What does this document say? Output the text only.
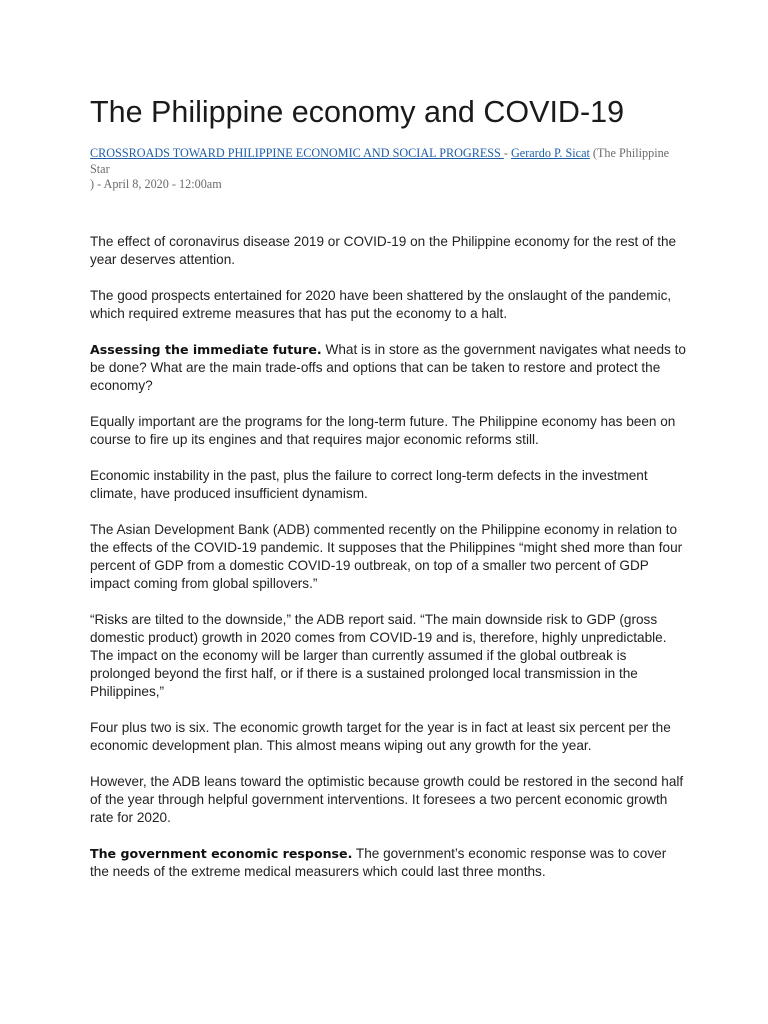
The Philippine economy and COVID-19
CROSSROADS TOWARD PHILIPPINE ECONOMIC AND SOCIAL PROGRESS - Gerardo P. Sicat (The Philippine Star
) - April 8, 2020 - 12:00am

The effect of coronavirus disease 2019 or COVID-19 on the Philippine economy for the rest of the year deserves attention.

The good prospects entertained for 2020 have been shattered by the onslaught of the pandemic, which required extreme measures that has put the economy to a halt.

Assessing the immediate future. What is in store as the government navigates what needs to be done? What are the main trade-offs and options that can be taken to restore and protect the economy?

Equally important are the programs for the long-term future. The Philippine economy has been on course to fire up its engines and that requires major economic reforms still.

Economic instability in the past, plus the failure to correct long-term defects in the investment climate, have produced insufficient dynamism.

The Asian Development Bank (ADB) commented recently on the Philippine economy in relation to the effects of the COVID-19 pandemic. It supposes that the Philippines “might shed more than four percent of GDP from a domestic COVID-19 outbreak, on top of a smaller two percent of GDP impact coming from global spillovers.”

“Risks are tilted to the downside,” the ADB report said. “The main downside risk to GDP (gross domestic product) growth in 2020 comes from COVID-19 and is, therefore, highly unpredictable. The impact on the economy will be larger than currently assumed if the global outbreak is prolonged beyond the first half, or if there is a sustained prolonged local transmission in the Philippines,”

Four plus two is six. The economic growth target for the year is in fact at least six percent per the economic development plan. This almost means wiping out any growth for the year.

However, the ADB leans toward the optimistic because growth could be restored in the second half of the year through helpful government interventions. It foresees a two percent economic growth rate for 2020.

The government economic response. The government’s economic response was to cover the needs of the extreme medical measurers which could last three months.
